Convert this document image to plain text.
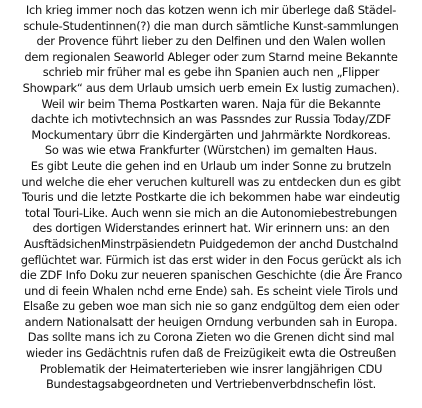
Ich krieg immer noch das kotzen wenn ich mir überlege daß Städel-
schule-Studentinnen(?) die man durch sämtliche Kunst-sammlungen
der Provence führt lieber zu den Delfinen und den Walen wollen
dem regionalen Seaworld Ableger oder zum Starnd meine Bekannte
schrieb mir früher mal es gebe ihn Spanien auch nen „Flipper
Showpark“ aus dem Urlaub umsich uerb emein Ex lustig zumachen).
Weil wir beim Thema Postkarten waren. Naja für die Bekannte
dachte ich motivtechnsich an was Passndes zur Russia Today/ZDF
Mockumentary übrr die Kindergärten und Jahrmärkte Nordkoreas.
So was wie etwa Frankfurter (Würstchen) im gemalten Haus.
Es gibt Leute die gehen ind en Urlaub um inder Sonne zu brutzeln
und welche die eher veruchen kulturell was zu entdecken dun es gibt
Touris und die letzte Postkarte die ich bekommen habe war eindeutig
total Touri-Like. Auch wenn sie mich an die Autonomiebestrebungen
des dortigen Widerstandes erinnert hat. Wir erinnern uns: an den
AusftädsichenMinstrpäsiendetn Puidgedemon der anchd Dustchalnd
geflüchtet war. Fürmich ist das erst wider in den Focus gerückt als ich
die ZDF Info Doku zur neueren spanischen Geschichte (die Äre Franco
und di feein Whalen nchd erne Ende) sah. Es scheint viele Tirols und
Elsaße zu geben woe man sich nie so ganz endgültog dem eien oder
andern Nationalsatt der heuigen Orndung verbunden sah in Europa.
Das sollte mans ich zu Corona Zieten wo die Grenen dicht sind mal
wieder ins Gedächtnis rufen daß de Freizügikeit ewta die Ostreußen
Problematik der Heimaterterieben wie insrer langjährigen CDU
Bundestagsabgeordneten und Vertriebenverbdnschefin löst.
